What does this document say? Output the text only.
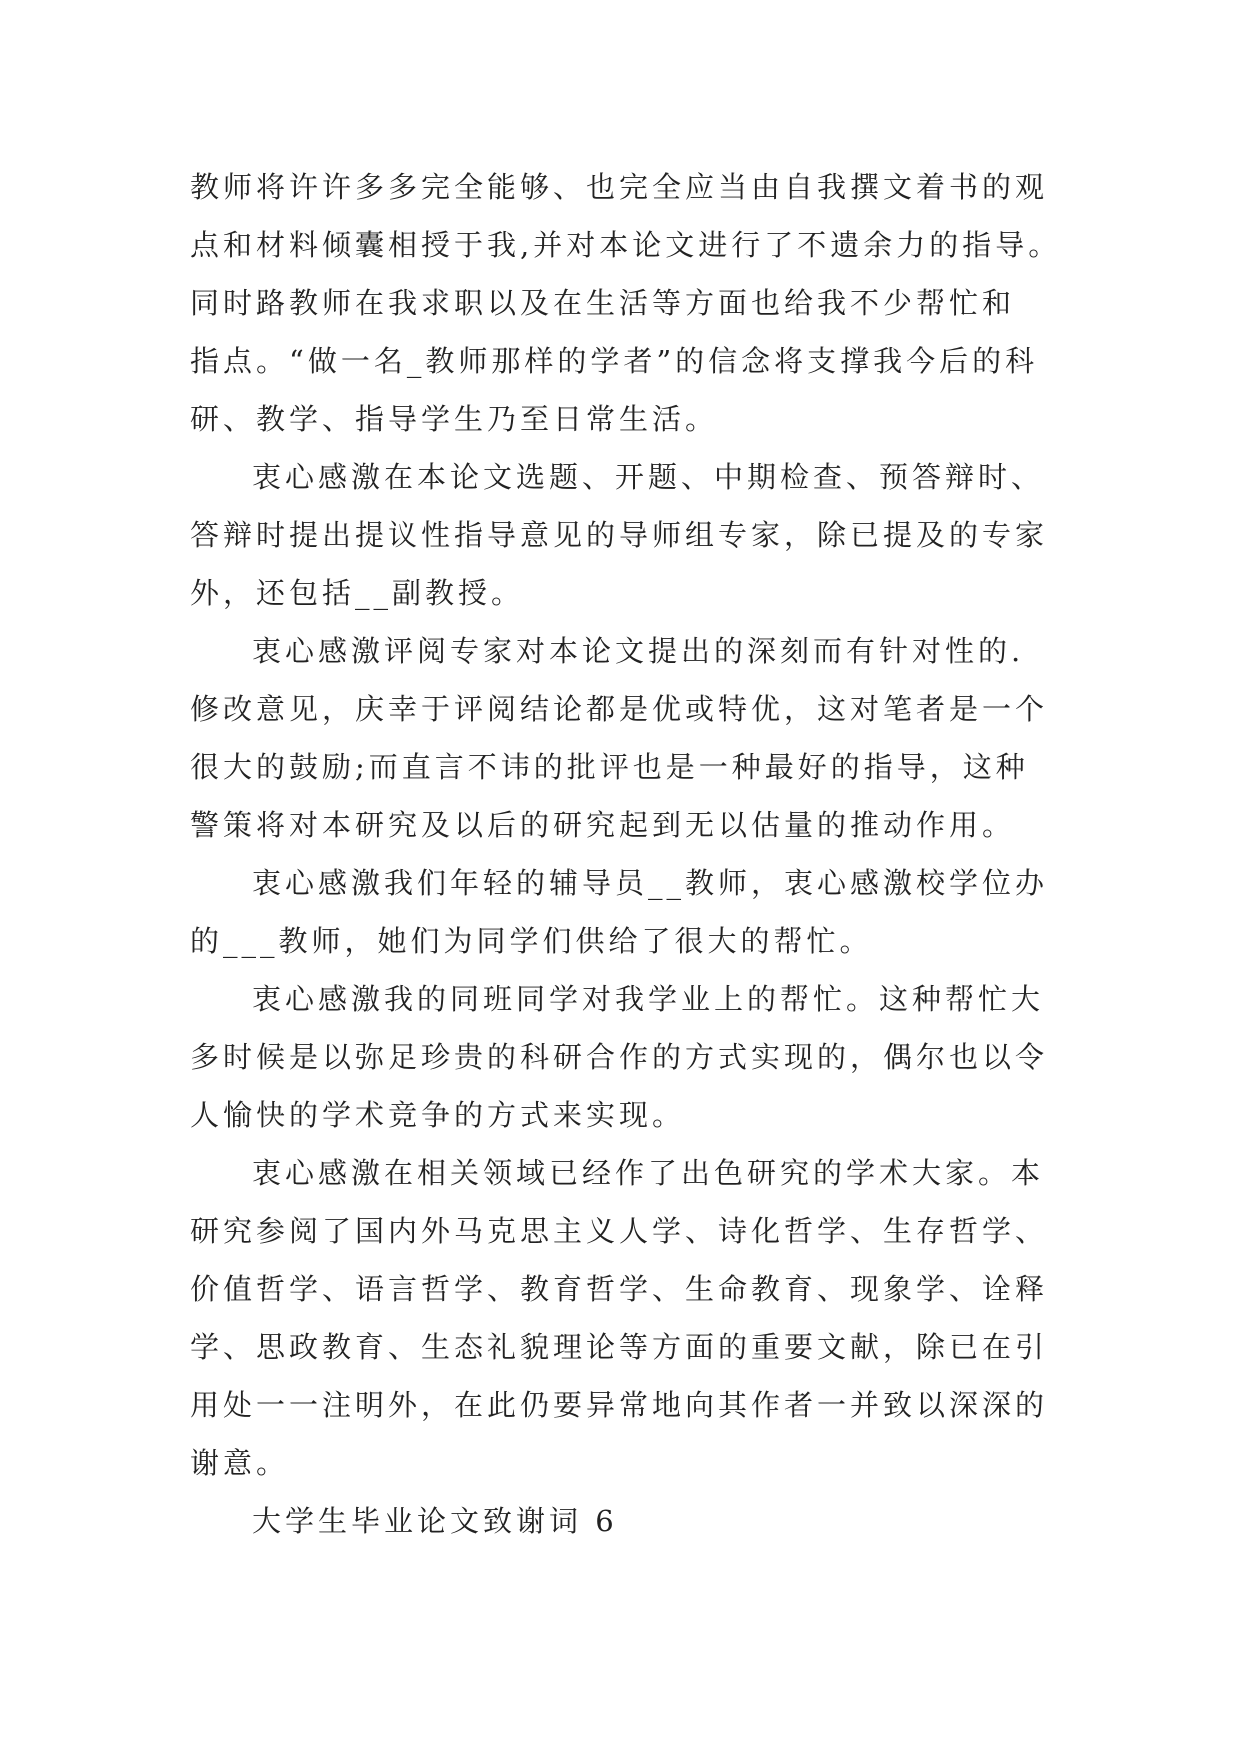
教师将许许多多完全能够、也完全应当由自我撰文着书的观
点和材料倾囊相授于我,并对本论文进行了不遗余力的指导。
同时路教师在我求职以及在生活等方面也给我不少帮忙和
指点。“做一名_教师那样的学者”的信念将支撑我今后的科
研、教学、指导学生乃至日常生活。
衷心感激在本论文选题、开题、中期检查、预答辩时、
答辩时提出提议性指导意见的导师组专家，除已提及的专家
外，还包括__副教授。
衷心感激评阅专家对本论文提出的深刻而有针对性的.
修改意见，庆幸于评阅结论都是优或特优，这对笔者是一个
很大的鼓励;而直言不讳的批评也是一种最好的指导，这种
警策将对本研究及以后的研究起到无以估量的推动作用。
衷心感激我们年轻的辅导员__教师，衷心感激校学位办
的___教师，她们为同学们供给了很大的帮忙。
衷心感激我的同班同学对我学业上的帮忙。这种帮忙大
多时候是以弥足珍贵的科研合作的方式实现的，偶尔也以令
人愉快的学术竞争的方式来实现。
衷心感激在相关领域已经作了出色研究的学术大家。本
研究参阅了国内外马克思主义人学、诗化哲学、生存哲学、
价值哲学、语言哲学、教育哲学、生命教育、现象学、诠释
学、思政教育、生态礼貌理论等方面的重要文献，除已在引
用处一一注明外，在此仍要异常地向其作者一并致以深深的
谢意。
大学生毕业论文致谢词 6
